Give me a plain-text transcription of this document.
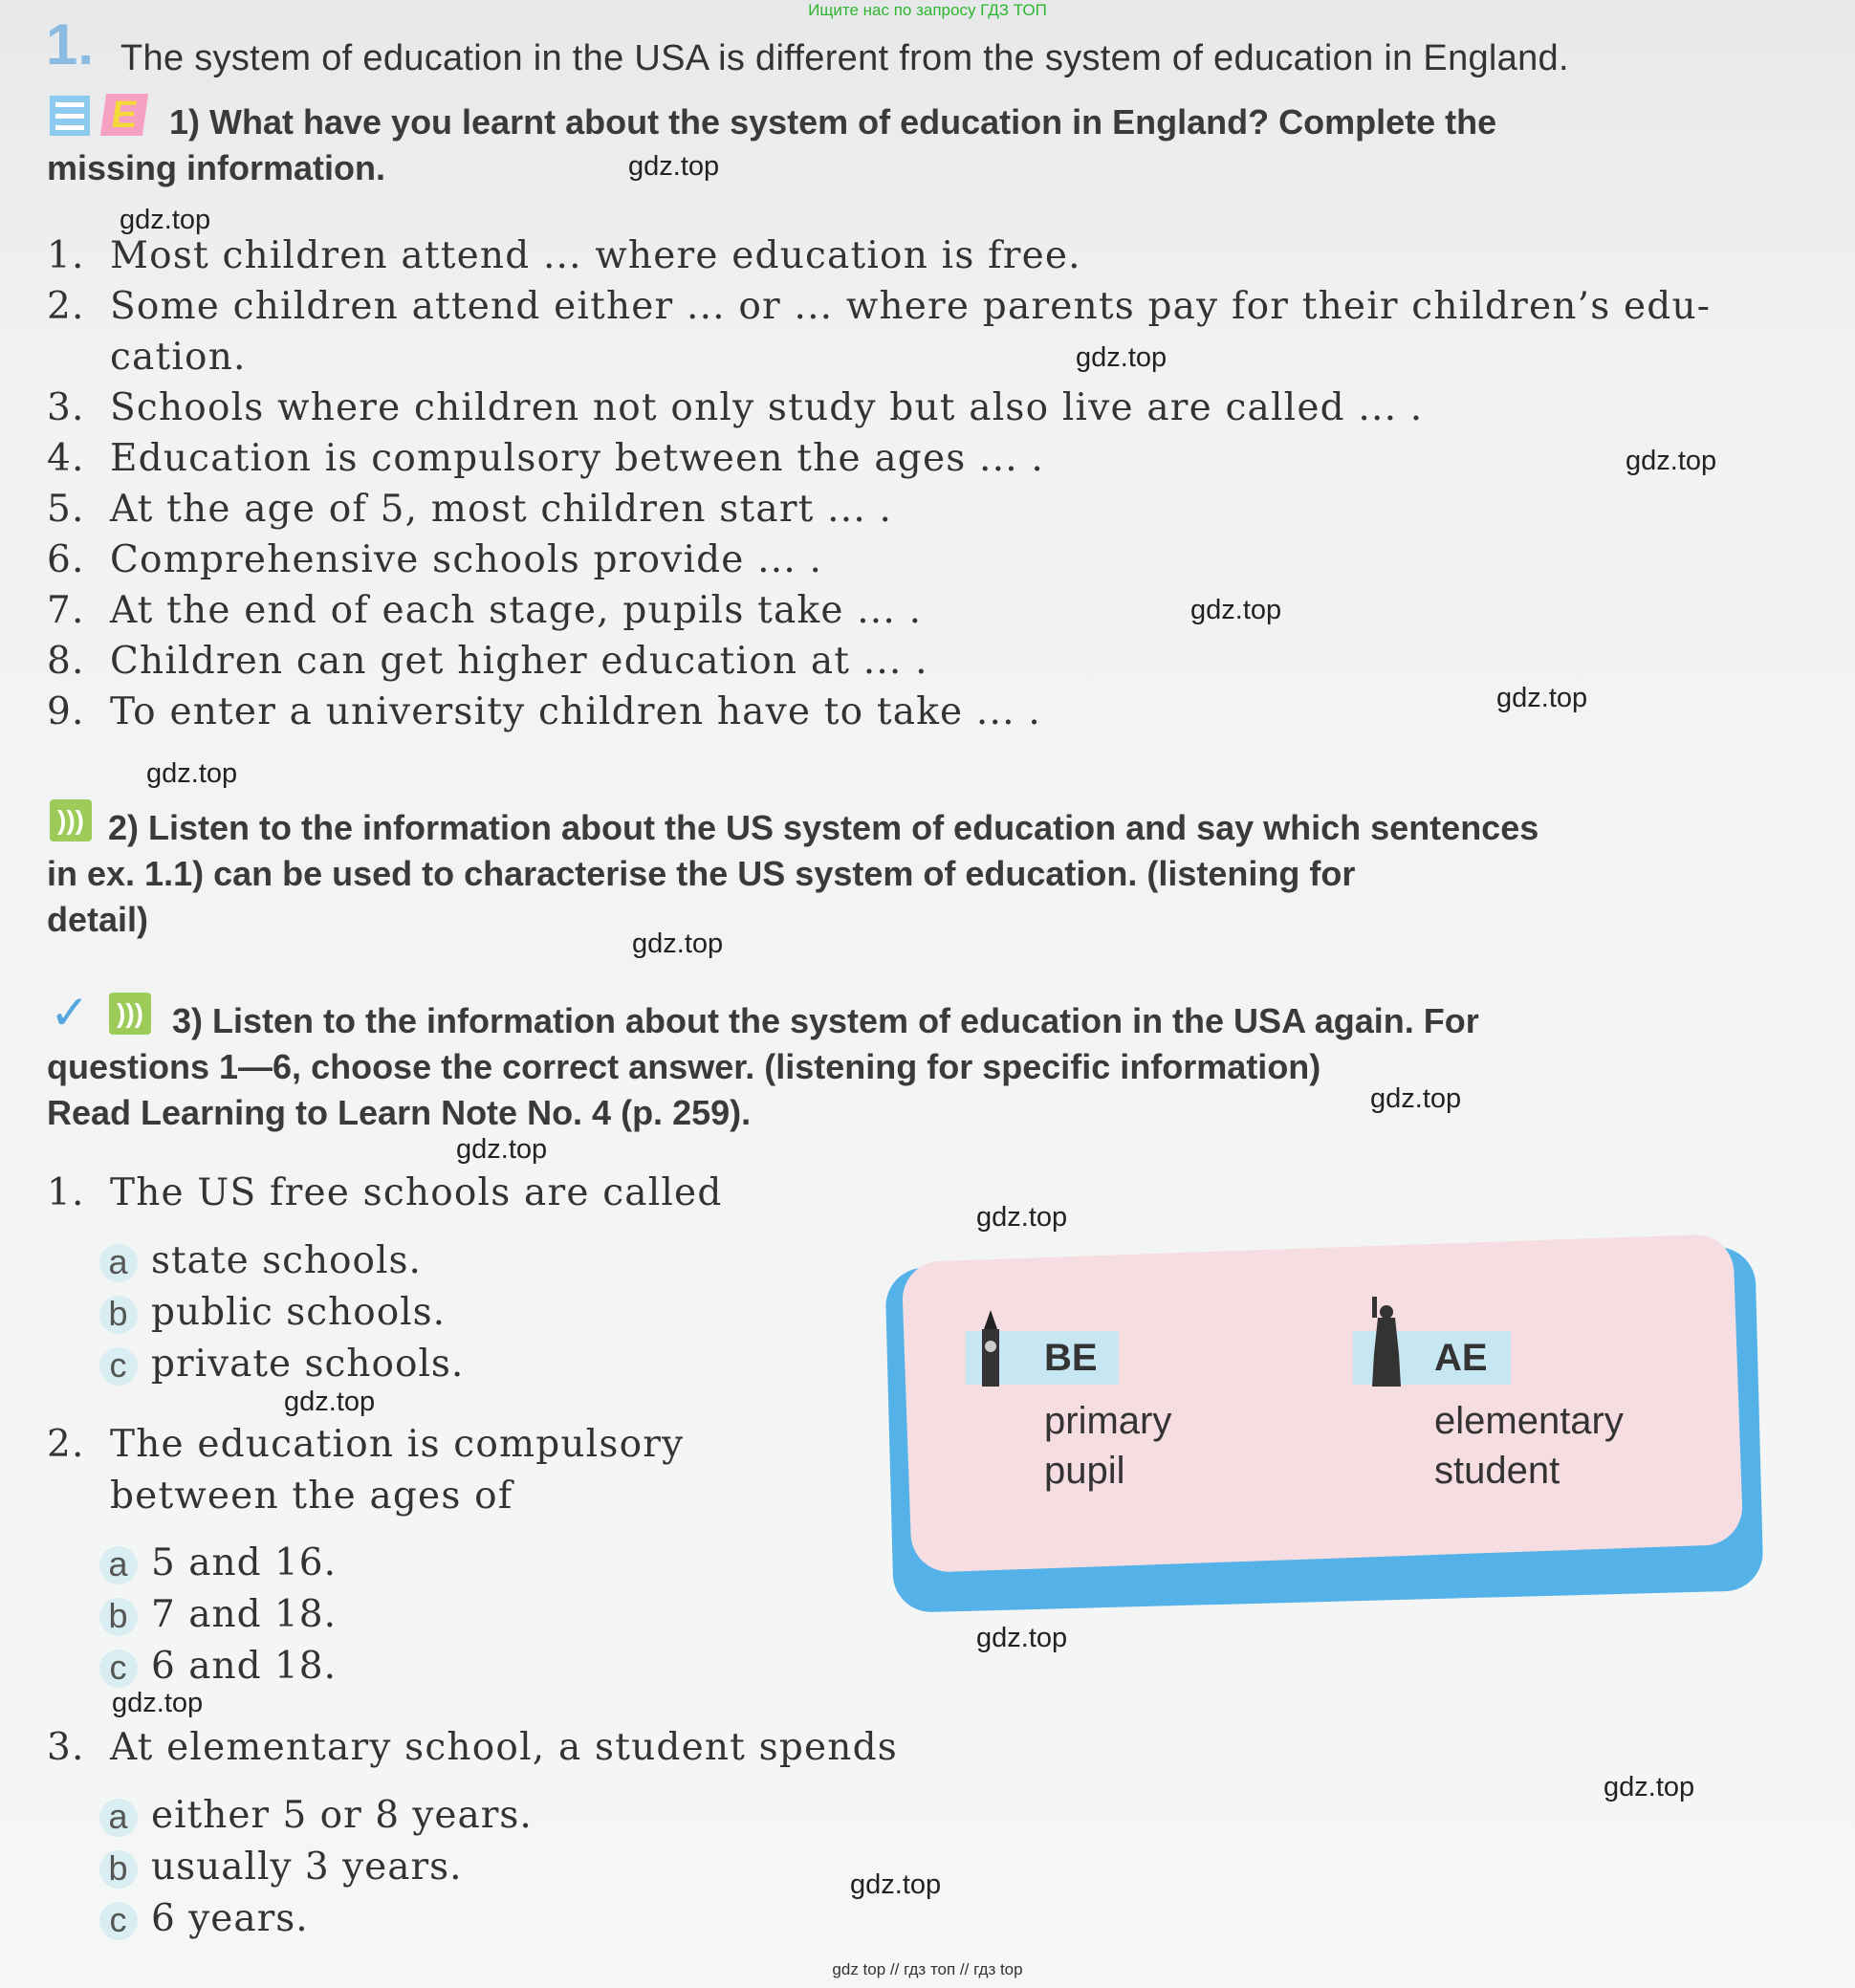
Ищите нас по запросу ГДЗ ТОП
1. The system of education in the USA is different from the system of education in England.
E 1) What have you learnt about the system of education in England? Complete the
missing information.
1. Most children attend ... where education is free.
2. Some children attend either ... or ... where parents pay for their children’s edu-
cation.
3. Schools where children not only study but also live are called ... .
4. Education is compulsory between the ages ... .
5. At the age of 5, most children start ... .
6. Comprehensive schools provide ... .
7. At the end of each stage, pupils take ... .
8. Children can get higher education at ... .
9. To enter a university children have to take ... .
))) 2) Listen to the information about the US system of education and say which sentences
in ex. 1.1) can be used to characterise the US system of education. (listening for
detail)
✓ ))) 3) Listen to the information about the system of education in the USA again. For
questions 1—6, choose the correct answer. (listening for specific information)
Read Learning to Learn Note No. 4 (p. 259).
1. The US free schools are called
a state schools.
b public schools.
c private schools.
2. The education is compulsory
between the ages of
a 5 and 16.
b 7 and 18.
c 6 and 18.
3. At elementary school, a student spends
a either 5 or 8 years.
b usually 3 years.
c 6 years.
BE	AE
primary
pupil
elementary
student
gdz.top
gdz.top
gdz.top
gdz.top
gdz.top
gdz.top
gdz.top
gdz.top
gdz.top
gdz.top
gdz.top
gdz.top
gdz.top
gdz.top
gdz.top
gdz.top
gdz top // гдз топ // гдз top
